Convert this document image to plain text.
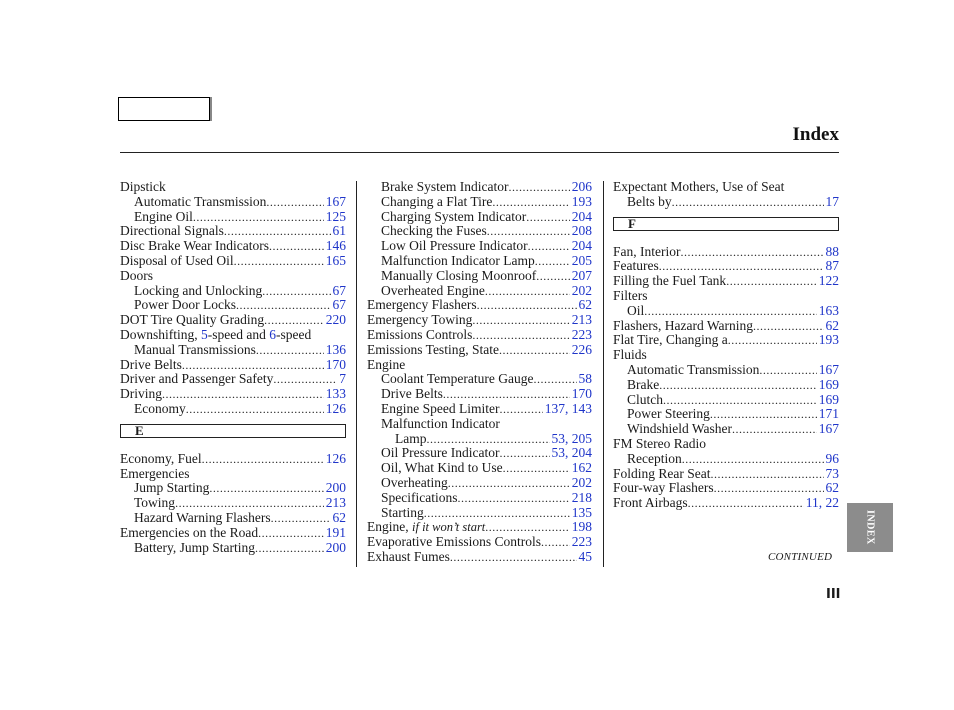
Index
Dipstick
Automatic Transmission .....	167
Engine Oil .....	125
Directional Signals .....	61
Disc Brake Wear Indicators .....	146
Disposal of Used Oil .....	165
Doors
Locking and Unlocking .....	67
Power Door Locks .....	67
DOT Tire Quality Grading .....	220
Downshifting, 5-speed and 6-speed
Manual Transmissions .....	136
Drive Belts .....	170
Driver and Passenger Safety .....	7
Driving .....	133
Economy .....	126
E
Economy, Fuel .....	126
Emergencies
Jump Starting .....	200
Towing .....	213
Hazard Warning Flashers .....	62
Emergencies on the Road .....	191
Battery, Jump Starting .....	200
Brake System Indicator .....	206
Changing a Flat Tire .....	193
Charging System Indicator .....	204
Checking the Fuses .....	208
Low Oil Pressure Indicator .....	204
Malfunction Indicator Lamp .....	205
Manually Closing Moonroof .....	207
Overheated Engine .....	202
Emergency Flashers .....	62
Emergency Towing .....	213
Emissions Controls .....	223
Emissions Testing, State .....	226
Engine
Coolant Temperature Gauge .....	58
Drive Belts .....	170
Engine Speed Limiter .....	137, 143
Malfunction Indicator
Lamp .....	53, 205
Oil Pressure Indicator .....	53, 204
Oil, What Kind to Use .....	162
Overheating .....	202
Specifications .....	218
Starting .....	135
Engine, if it won’t start .....	198
Evaporative Emissions Controls ..... 223
Exhaust Fumes .....	45
Expectant Mothers, Use of Seat
Belts by .....	17
F
Fan, Interior .....	88
Features .....	87
Filling the Fuel Tank .....	122
Filters
Oil .....	163
Flashers, Hazard Warning .....	62
Flat Tire, Changing a .....	193
Fluids
Automatic Transmission .....	167
Brake .....	169
Clutch .....	169
Power Steering .....	171
Windshield Washer .....	167
FM Stereo Radio
Reception .....	96
Folding Rear Seat .....	73
Four-way Flashers .....	62
Front Airbags .....	11, 22
CONTINUED
III
INDEX
